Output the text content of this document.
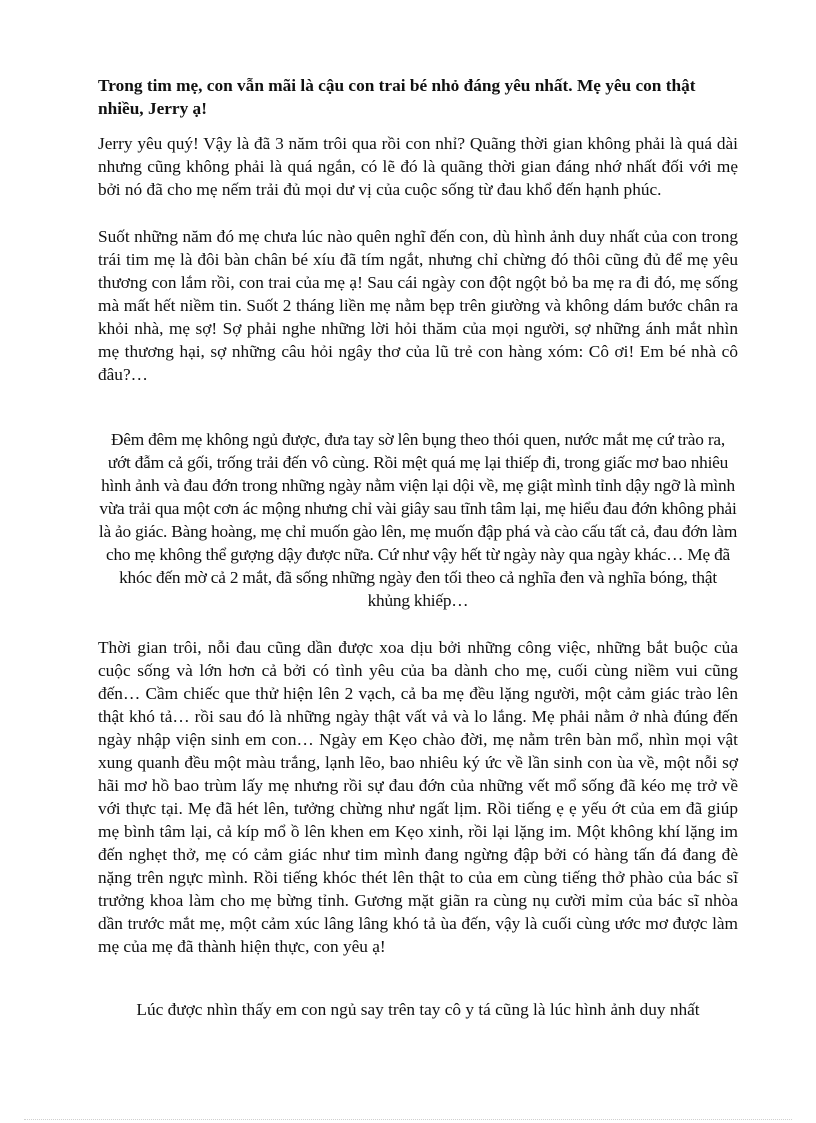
Trong tim mẹ, con vẫn mãi là cậu con trai bé nhỏ đáng yêu nhất. Mẹ yêu con thật nhiều, Jerry ạ!

Jerry yêu quý! Vậy là đã 3 năm trôi qua rồi con nhỉ? Quãng thời gian không phải là quá dài nhưng cũng không phải là quá ngắn, có lẽ đó là quãng thời gian đáng nhớ nhất đối với mẹ bởi nó đã cho mẹ nếm trải đủ mọi dư vị của cuộc sống từ đau khổ đến hạnh phúc.

Suốt những năm đó mẹ chưa lúc nào quên nghĩ đến con, dù hình ảnh duy nhất của con trong trái tim mẹ là đôi bàn chân bé xíu đã tím ngắt, nhưng chỉ chừng đó thôi cũng đủ để mẹ yêu thương con lắm rồi, con trai của mẹ ạ! Sau cái ngày con đột ngột bỏ ba mẹ ra đi đó, mẹ sống mà mất hết niềm tin. Suốt 2 tháng liền mẹ nằm bẹp trên giường và không dám bước chân ra khỏi nhà, mẹ sợ! Sợ phải nghe những lời hỏi thăm của mọi người, sợ những ánh mắt nhìn mẹ thương hại, sợ những câu hỏi ngây thơ của lũ trẻ con hàng xóm: Cô ơi! Em bé nhà cô đâu?…

Đêm đêm mẹ không ngủ được, đưa tay sờ lên bụng theo thói quen, nước mắt mẹ cứ trào ra, ướt đẫm cả gối, trống trải đến vô cùng. Rồi mệt quá mẹ lại thiếp đi, trong giấc mơ bao nhiêu hình ảnh và đau đớn trong những ngày nằm viện lại dội về, mẹ giật mình tỉnh dậy ngỡ là mình vừa trải qua một cơn ác mộng nhưng chỉ vài giây sau tĩnh tâm lại, mẹ hiểu đau đớn không phải là ảo giác. Bàng hoàng, mẹ chỉ muốn gào lên, mẹ muốn đập phá và cào cấu tất cả, đau đớn làm cho mẹ không thể gượng dậy được nữa. Cứ như vậy hết từ ngày này qua ngày khác… Mẹ đã khóc đến mờ cả 2 mắt, đã sống những ngày đen tối theo cả nghĩa đen và nghĩa bóng, thật khủng khiếp…

Thời gian trôi, nỗi đau cũng dần được xoa dịu bởi những công việc, những bắt buộc của cuộc sống và lớn hơn cả bởi có tình yêu của ba dành cho mẹ, cuối cùng niềm vui cũng đến… Cầm chiếc que thử hiện lên 2 vạch, cả ba mẹ đều lặng người, một cảm giác trào lên thật khó tả… rồi sau đó là những ngày thật vất vả và lo lắng. Mẹ phải nằm ở nhà đúng đến ngày nhập viện sinh em con… Ngày em Kẹo chào đời, mẹ nằm trên bàn mổ, nhìn mọi vật xung quanh đều một màu trắng, lạnh lẽo, bao nhiêu ký ức về lần sinh con ùa về, một nỗi sợ hãi mơ hồ bao trùm lấy mẹ nhưng rồi sự đau đớn của những vết mổ sống đã kéo mẹ trở về với thực tại. Mẹ đã hét lên, tưởng chừng như ngất lịm. Rồi tiếng ẹ ẹ yếu ớt của em đã giúp mẹ bình tâm lại, cả kíp mổ ồ lên khen em Kẹo xinh, rồi lại lặng im. Một không khí lặng im đến nghẹt thở, mẹ có cảm giác như tim mình đang ngừng đập bởi có hàng tấn đá đang đè nặng trên ngực mình. Rồi tiếng khóc thét lên thật to của em cùng tiếng thở phào của bác sĩ trưởng khoa làm cho mẹ bừng tỉnh. Gương mặt giãn ra cùng nụ cười mỉm của bác sĩ nhòa dần trước mắt mẹ, một cảm xúc lâng lâng khó tả ùa đến, vậy là cuối cùng ước mơ được làm mẹ của mẹ đã thành hiện thực, con yêu ạ!

Lúc được nhìn thấy em con ngủ say trên tay cô y tá cũng là lúc hình ảnh duy nhất
